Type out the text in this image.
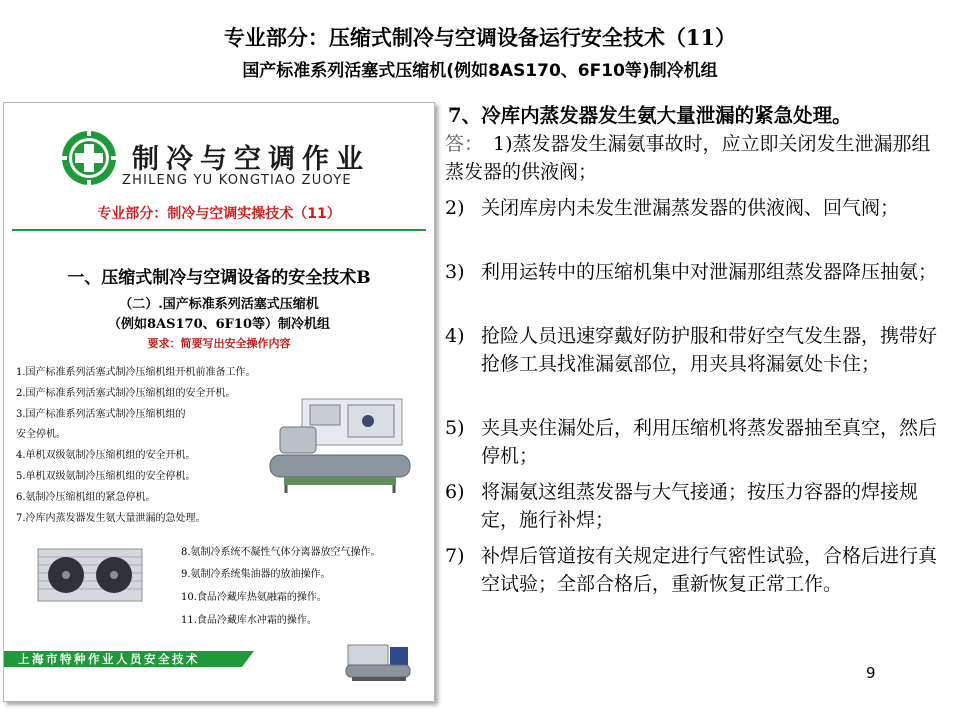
专业部分：压缩式制冷与空调设备运行安全技术（11）
国产标准系列活塞式压缩机(例如8AS170、6F10等)制冷机组
制冷与空调作业
ZHILENG YU KONGTIAO ZUOYE
专业部分：制冷与空调实操技术（11）
一、压缩式制冷与空调设备的安全技术B
（二）.国产标准系列活塞式压缩机
（例如8AS170、6F10等）制冷机组
要求：简要写出安全操作内容
1.国产标准系列活塞式制冷压缩机组开机前准备工作。
2.国产标准系列活塞式制冷压缩机组的安全开机。
3.国产标准系列活塞式制冷压缩机组的
安全停机。
4.单机双级氨制冷压缩机组的安全开机。
5.单机双级氨制冷压缩机组的安全停机。
6.氨制冷压缩机组的紧急停机。
7.冷库内蒸发器发生氨大量泄漏的急处理。
8.氨制冷系统不凝性气体分离器放空气操作。
9.氨制冷系统集油器的放油操作。
10.食品冷藏库热氨融霜的操作。
11.食品冷藏库水冲霜的操作。
上海市特种作业人员安全技术
7、冷库内蒸发器发生氨大量泄漏的紧急处理。
答： 1)蒸发器发生漏氨事故时，应立即关闭发生泄漏那组蒸发器的供液阀；
2) 关闭库房内未发生泄漏蒸发器的供液阀、回气阀；
3) 利用运转中的压缩机集中对泄漏那组蒸发器降压抽氨；
4) 抢险人员迅速穿戴好防护服和带好空气发生器，携带好抢修工具找准漏氨部位，用夹具将漏氨处卡住；
5) 夹具夹住漏处后，利用压缩机将蒸发器抽至真空，然后停机；
6) 将漏氨这组蒸发器与大气接通；按压力容器的焊接规定，施行补焊；
7) 补焊后管道按有关规定进行气密性试验，合格后进行真空试验；全部合格后，重新恢复正常工作。
9
